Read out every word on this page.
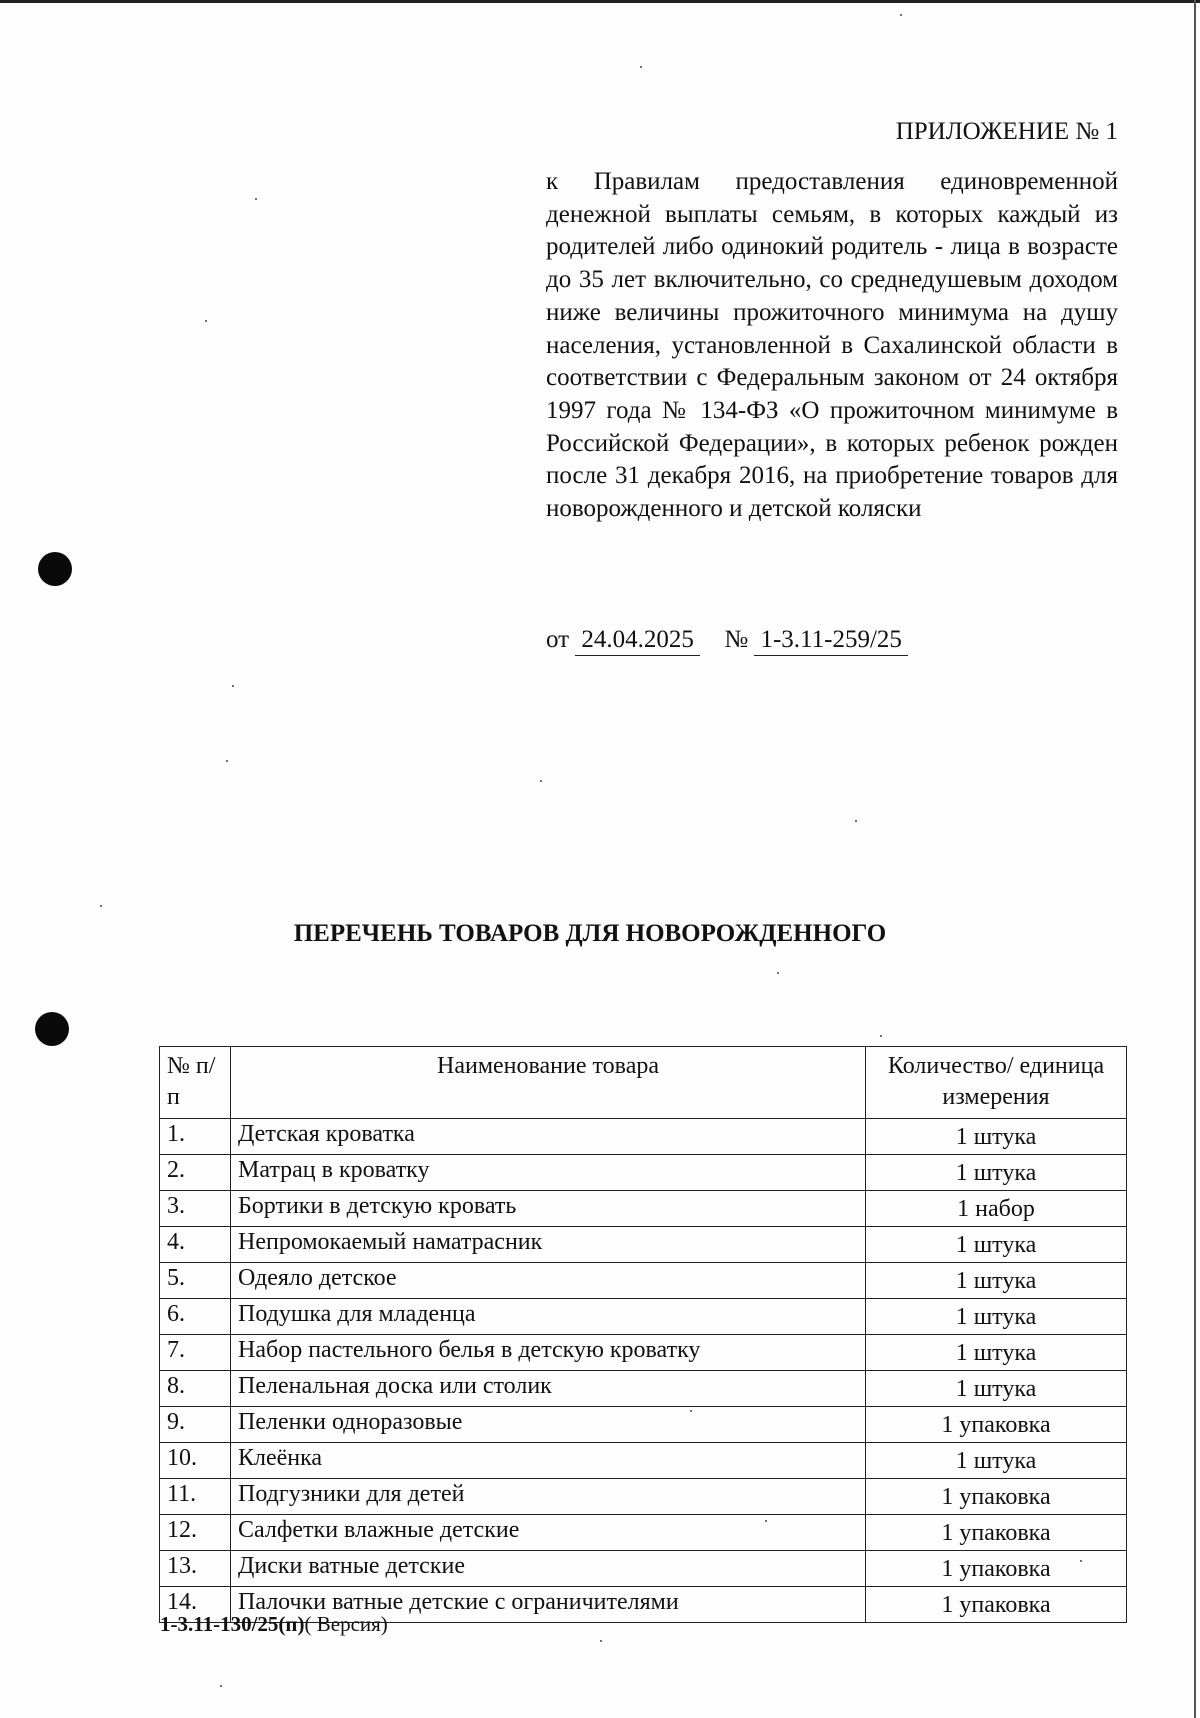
ПРИЛОЖЕНИЕ № 1
к Правилам предоставления единовременной денежной выплаты семьям, в которых каждый из родителей либо одинокий родитель - лица в возрасте до 35 лет включительно, со среднедушевым доходом ниже величины прожиточного минимума на душу населения, установленной в Сахалинской области в соответствии с Федеральным законом от 24 октября 1997 года № 134-ФЗ «О прожиточном минимуме в Российской Федерации», в которых ребенок рожден после 31 декабря 2016, на приобретение товаров для новорожденного и детской коляски
от 24.04.2025 № 1-3.11-259/25
ПЕРЕЧЕНЬ ТОВАРОВ ДЛЯ НОВОРОЖДЕННОГО
№ п/п	Наименование товара	Количество/ единица измерения
1.	Детская кроватка	1 штука
2.	Матрац в кроватку	1 штука
3.	Бортики в детскую кровать	1 набор
4.	Непромокаемый наматрасник	1 штука
5.	Одеяло детское	1 штука
6.	Подушка для младенца	1 штука
7.	Набор пастельного белья в детскую кроватку	1 штука
8.	Пеленальная доска или столик	1 штука
9.	Пеленки одноразовые	1 упаковка
10.	Клеёнка	1 штука
11.	Подгузники для детей	1 упаковка
12.	Салфетки влажные детские	1 упаковка
13.	Диски ватные детские	1 упаковка
14.	Палочки ватные детские с ограничителями	1 упаковка
1-3.11-130/25(п)( Версия)
